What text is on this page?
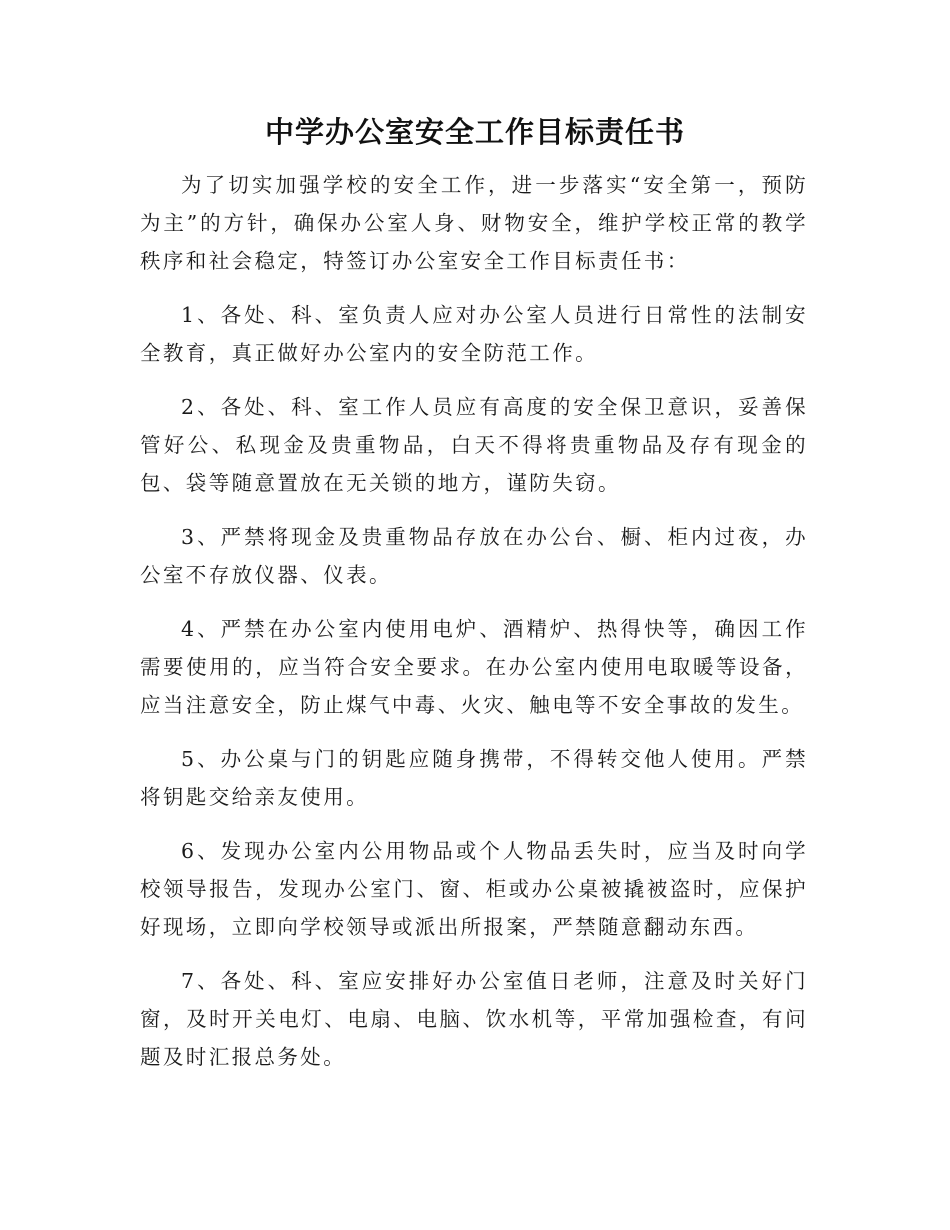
中学办公室安全工作目标责任书

为了切实加强学校的安全工作，进一步落实“安全第一，预防为主”的方针，确保办公室人身、财物安全，维护学校正常的教学秩序和社会稳定，特签订办公室安全工作目标责任书：

1、各处、科、室负责人应对办公室人员进行日常性的法制安全教育，真正做好办公室内的安全防范工作。

2、各处、科、室工作人员应有高度的安全保卫意识，妥善保管好公、私现金及贵重物品，白天不得将贵重物品及存有现金的包、袋等随意置放在无关锁的地方，谨防失窃。

3、严禁将现金及贵重物品存放在办公台、橱、柜内过夜，办公室不存放仪器、仪表。

4、严禁在办公室内使用电炉、酒精炉、热得快等，确因工作需要使用的，应当符合安全要求。在办公室内使用电取暖等设备，应当注意安全，防止煤气中毒、火灾、触电等不安全事故的发生。

5、办公桌与门的钥匙应随身携带，不得转交他人使用。严禁将钥匙交给亲友使用。

6、发现办公室内公用物品或个人物品丢失时，应当及时向学校领导报告，发现办公室门、窗、柜或办公桌被撬被盗时，应保护好现场，立即向学校领导或派出所报案，严禁随意翻动东西。

7、各处、科、室应安排好办公室值日老师，注意及时关好门窗，及时开关电灯、电扇、电脑、饮水机等，平常加强检查，有问题及时汇报总务处。
